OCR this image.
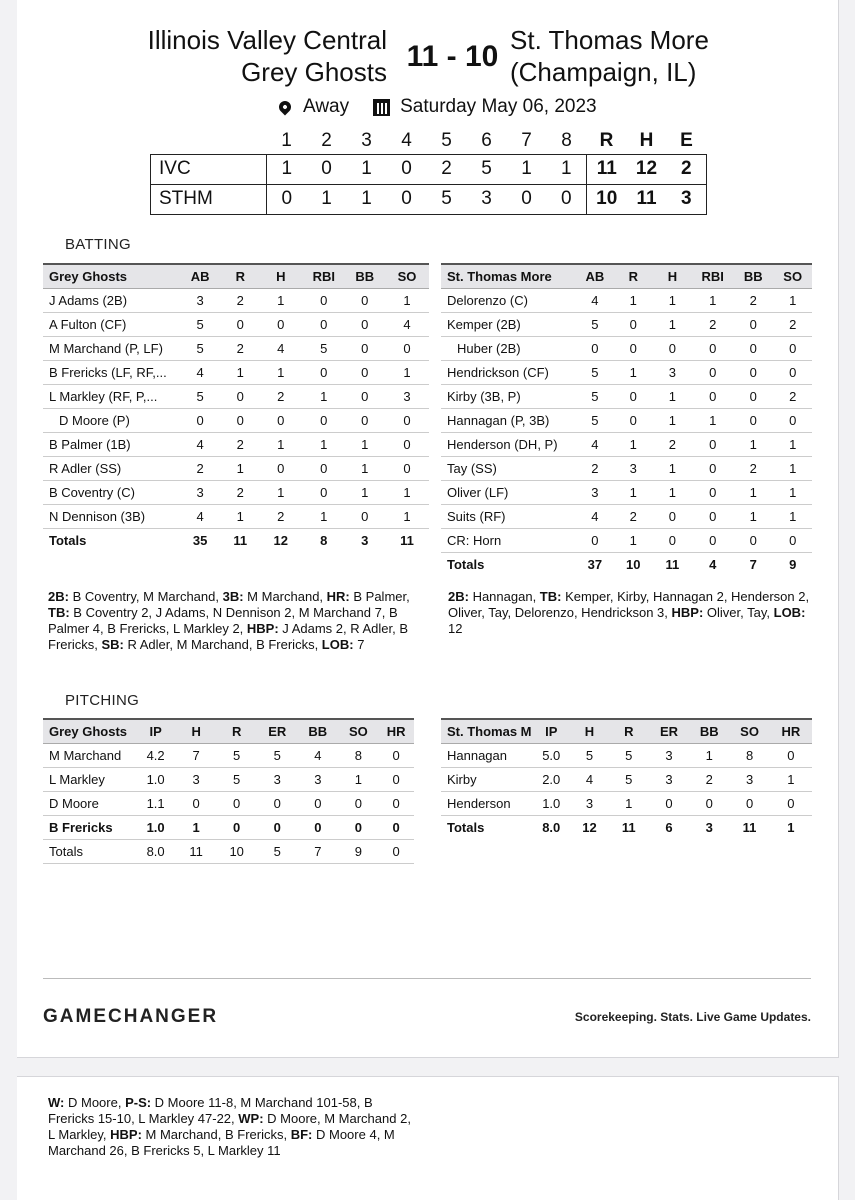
Illinois Valley Central
Grey Ghosts 11 - 10 St. Thomas More
(Champaign, IL)
Away	Saturday May 06, 2023
	1	2	3	4	5	6	7	8	R	H	E
IVC	1	0	1	0	2	5	1	1	11	12	2
STHM	0	1	1	0	5	3	0	0	10	11	3
BATTING
Grey Ghosts	AB	R	H	RBI	BB	SO
J Adams (2B)	3	2	1	0	0	1
A Fulton (CF)	5	0	0	0	0	4
M Marchand (P, LF)	5	2	4	5	0	0
B Frericks (LF, RF,...	4	1	1	0	0	1
L Markley (RF, P,...	5	0	2	1	0	3
D Moore (P)	0	0	0	0	0	0
B Palmer (1B)	4	2	1	1	1	0
R Adler (SS)	2	1	0	0	1	0
B Coventry (C)	3	2	1	0	1	1
N Dennison (3B)	4	1	2	1	0	1
Totals	35	11	12	8	3	11
St. Thomas More	AB	R	H	RBI	BB	SO
Delorenzo (C)	4	1	1	1	2	1
Kemper (2B)	5	0	1	2	0	2
Huber (2B)	0	0	0	0	0	0
Hendrickson (CF)	5	1	3	0	0	0
Kirby (3B, P)	5	0	1	0	0	2
Hannagan (P, 3B)	5	0	1	1	0	0
Henderson (DH, P)	4	1	2	0	1	1
Tay (SS)	2	3	1	0	2	1
Oliver (LF)	3	1	1	0	1	1
Suits (RF)	4	2	0	0	1	1
CR: Horn	0	1	0	0	0	0
Totals	37	10	11	4	7	9
2B: B Coventry, M Marchand, 3B: M Marchand, HR: B Palmer, TB: B Coventry 2, J Adams, N Dennison 2, M Marchand 7, B Palmer 4, B Frericks, L Markley 2, HBP: J Adams 2, R Adler, B Frericks, SB: R Adler, M Marchand, B Frericks, LOB: 7
2B: Hannagan, TB: Kemper, Kirby, Hannagan 2, Henderson 2, Oliver, Tay, Delorenzo, Hendrickson 3, HBP: Oliver, Tay, LOB: 12
PITCHING
Grey Ghosts	IP	H	R	ER	BB	SO	HR
M Marchand	4.2	7	5	5	4	8	0
L Markley	1.0	3	5	3	3	1	0
D Moore	1.1	0	0	0	0	0	0
B Frericks	1.0	1	0	0	0	0	0
Totals	8.0	11	10	5	7	9	0
St. Thomas M	IP	H	R	ER	BB	SO	HR
Hannagan	5.0	5	5	3	1	8	0
Kirby	2.0	4	5	3	2	3	1
Henderson	1.0	3	1	0	0	0	0
Totals	8.0	12	11	6	3	11	1
GAMECHANGER	Scorekeeping. Stats. Live Game Updates.
W: D Moore, P-S: D Moore 11-8, M Marchand 101-58, B Frericks 15-10, L Markley 47-22, WP: D Moore, M Marchand 2, L Markley, HBP: M Marchand, B Frericks, BF: D Moore 4, M Marchand 26, B Frericks 5, L Markley 11
